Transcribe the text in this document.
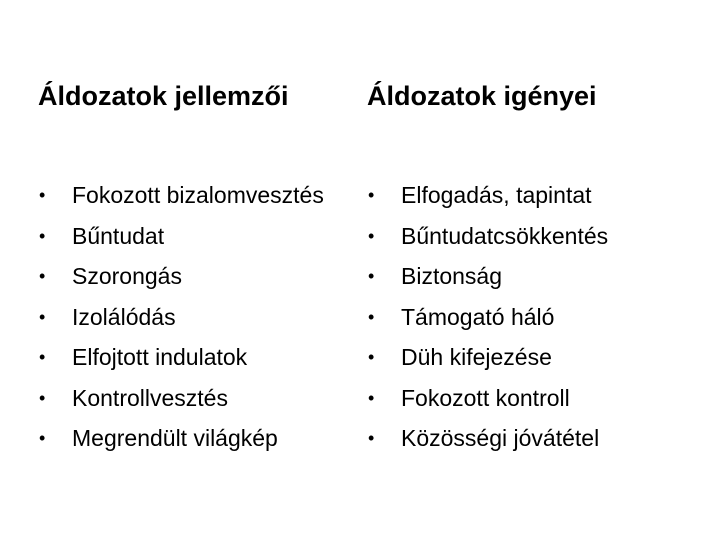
Áldozatok jellemzői
•	Fokozott bizalomvesztés
•	Bűntudat
•	Szorongás
•	Izolálódás
•	Elfojtott indulatok
•	Kontrollvesztés
•	Megrendült világkép
Áldozatok igényei
•	Elfogadás, tapintat
•	Bűntudatcsökkentés
•	Biztonság
•	Támogató háló
•	Düh kifejezése
•	Fokozott kontroll
•	Közösségi jóvátétel
